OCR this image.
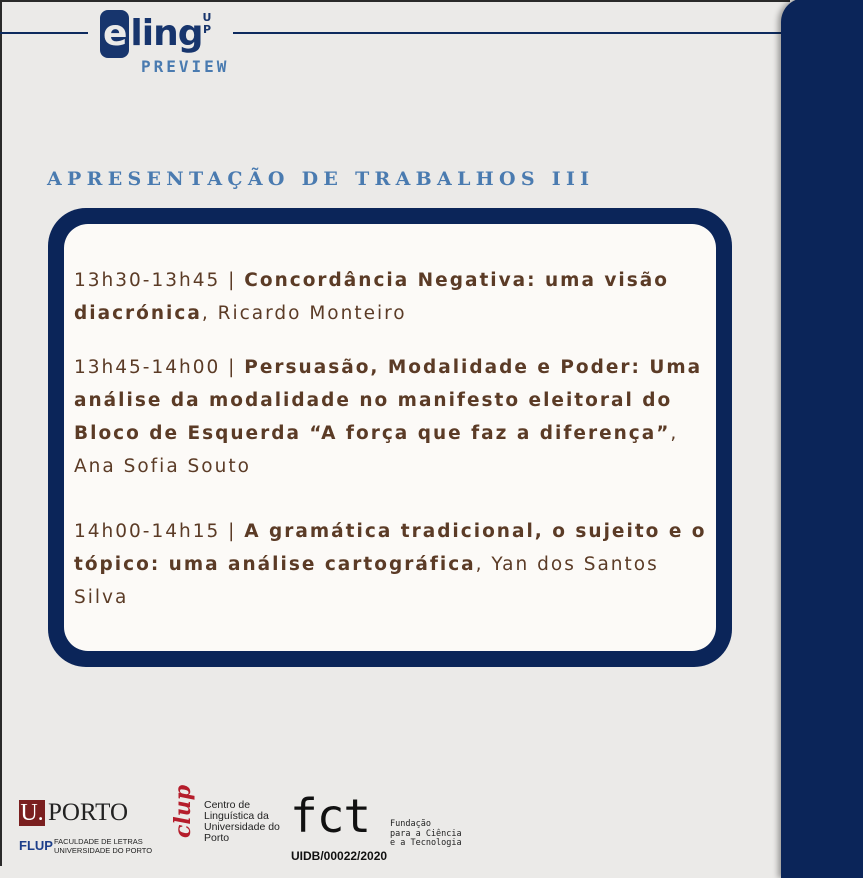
e ling U P
PREVIEW
APRESENTAÇÃO DE TRABALHOS III
13h30-13h45 | Concordância Negativa: uma visão diacrónica, Ricardo Monteiro
13h45-14h00 | Persuasão, Modalidade e Poder: Uma análise da modalidade no manifesto eleitoral do Bloco de Esquerda “A força que faz a diferença”, Ana Sofia Souto
14h00-14h15 | A gramática tradicional, o sujeito e o tópico: uma análise cartográfica, Yan dos Santos Silva
U. PORTO
FLUP FACULDADE DE LETRAS
UNIVERSIDADE DO PORTO
clup Centro de
Linguística da
Universidade do
Porto	fct Fundação
para a Ciência
e a Tecnologia
UIDB/00022/2020
